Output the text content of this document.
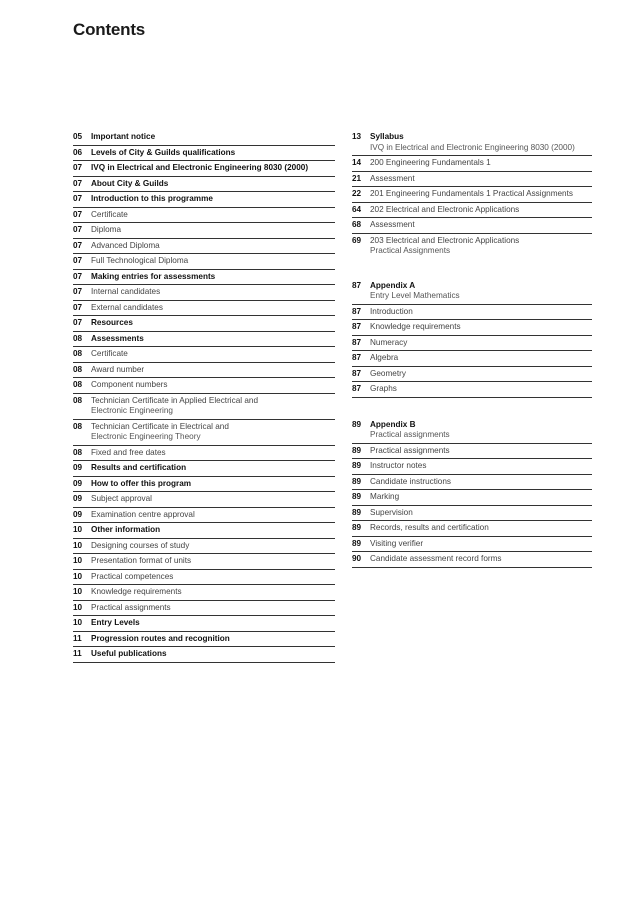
Contents
05	Important notice
06	Levels of City & Guilds qualifications
07	IVQ in Electrical and Electronic Engineering 8030 (2000)
07	About City & Guilds
07	Introduction to this programme
07	Certificate
07	Diploma
07	Advanced Diploma
07	Full Technological Diploma
07	Making entries for assessments
07	Internal candidates
07	External candidates
07	Resources
08	Assessments
08	Certificate
08	Award number
08	Component numbers
08	Technician Certificate in Applied Electrical and
Electronic Engineering
08	Technician Certificate in Electrical and
Electronic Engineering Theory
08	Fixed and free dates
09	Results and certification
09	How to offer this program
09	Subject approval
09	Examination centre approval
10	Other information
10	Designing courses of study
10	Presentation format of units
10	Practical competences
10	Knowledge requirements
10	Practical assignments
10	Entry Levels
11	Progression routes and recognition
11	Useful publications
13	Syllabus
IVQ in Electrical and Electronic Engineering 8030 (2000)
14	200 Engineering Fundamentals 1
21	Assessment
22	201 Engineering Fundamentals 1 Practical Assignments
64	202 Electrical and Electronic Applications
68	Assessment
69	203 Electrical and Electronic Applications
Practical Assignments
87	Appendix A
Entry Level Mathematics
87	Introduction
87	Knowledge requirements
87	Numeracy
87	Algebra
87	Geometry
87	Graphs
89	Appendix B
Practical assignments
89	Practical assignments
89	Instructor notes
89	Candidate instructions
89	Marking
89	Supervision
89	Records, results and certification
89	Visiting verifier
90	Candidate assessment record forms
